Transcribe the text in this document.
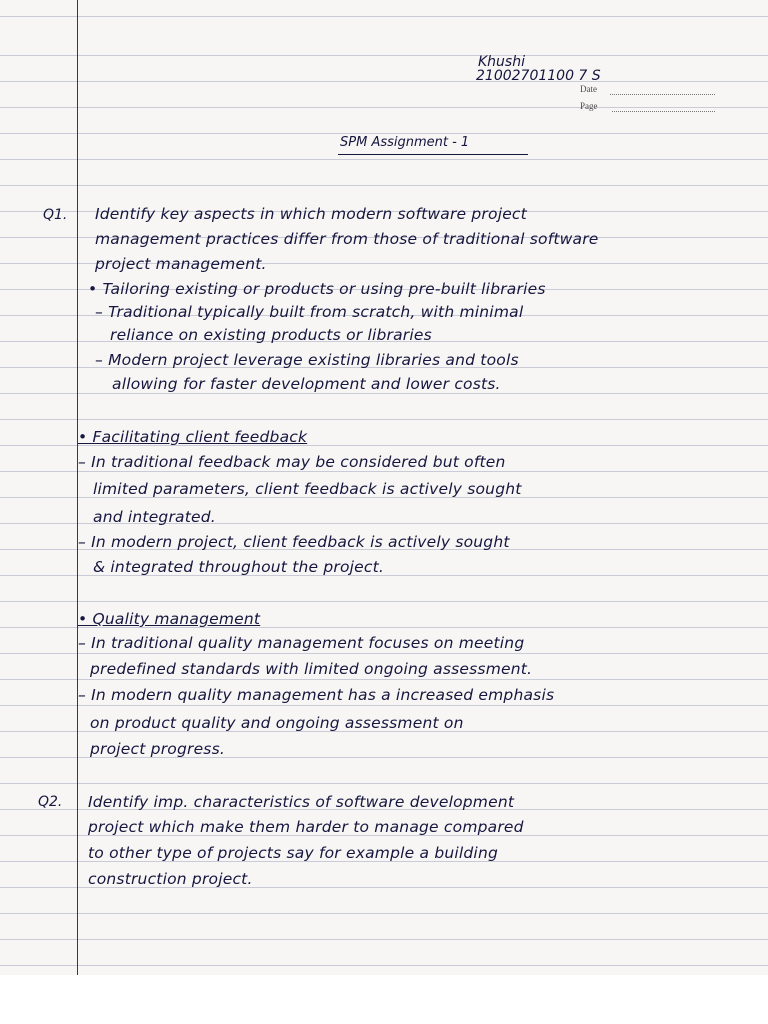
Khushi
21002701100 7 S
Date
Page
SPM Assignment - 1
Q1. Identify key aspects in which modern software project
management practices differ from those of traditional software
project management.
• Tailoring existing or products or using pre-built libraries
– Traditional typically built from scratch, with minimal
reliance on existing products or libraries
– Modern project leverage existing libraries and tools
allowing for faster development and lower costs.
• Facilitating client feedback
– In traditional feedback may be considered but often
limited parameters, client feedback is actively sought
and integrated.
– In modern project, client feedback is actively sought
& integrated throughout the project.
• Quality management
– In traditional quality management focuses on meeting
predefined standards with limited ongoing assessment.
– In modern quality management has a increased emphasis
on product quality and ongoing assessment on
project progress.
Q2. Identify imp. characteristics of software development
project which make them harder to manage compared
to other type of projects say for example a building
construction project.
